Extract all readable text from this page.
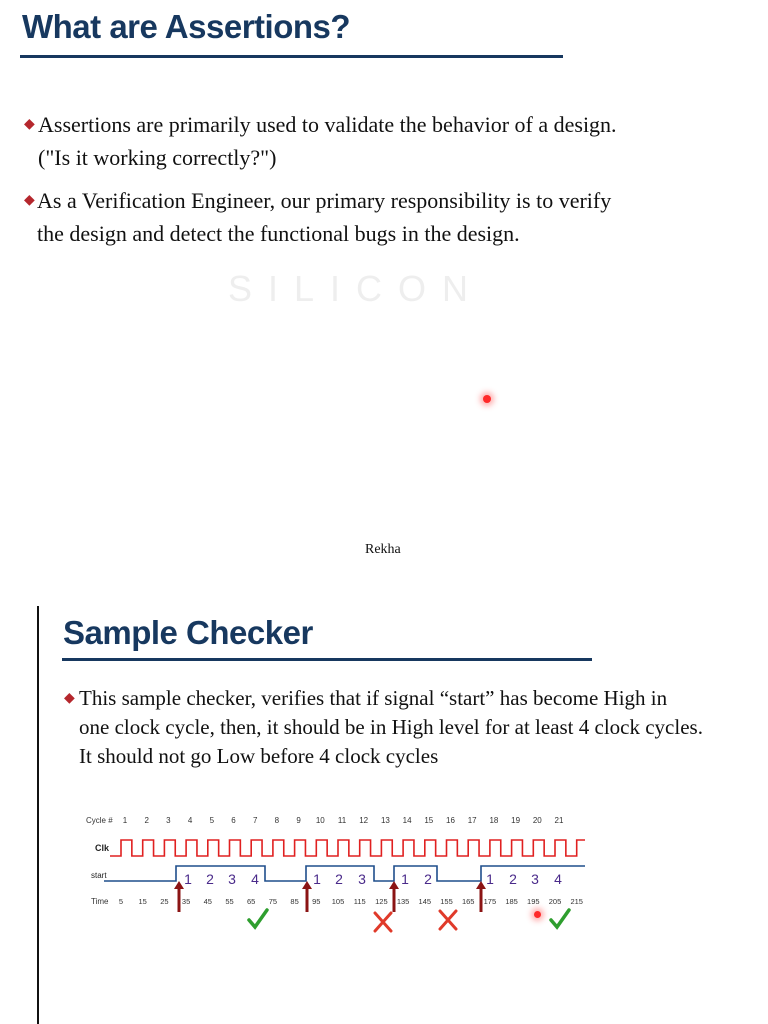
What are Assertions?
SILICON
◆ Assertions are primarily used to validate the behavior of a design.
("Is it working correctly?")
◆ As a Verification Engineer, our primary responsibility is to verify
the design and detect the functional bugs in the design.
Rekha
Sample Checker
◆ This sample checker, verifies that if signal “start” has become High in
one clock cycle, then, it should be in High level for at least 4 clock cycles.
It should not go Low before 4 clock cycles
Cycle # 1 2 3 4 5 6 7 8 9 10 11 12 13 14 15 16 17 18 19 20 21
Clk
start	1 2 3 4	1 2 3	1 2	1 2 3 4
Time 5 15 25 35 45 55 65 75 85 95 105 115 125 135 145 155 165 175 185 195 205 215
